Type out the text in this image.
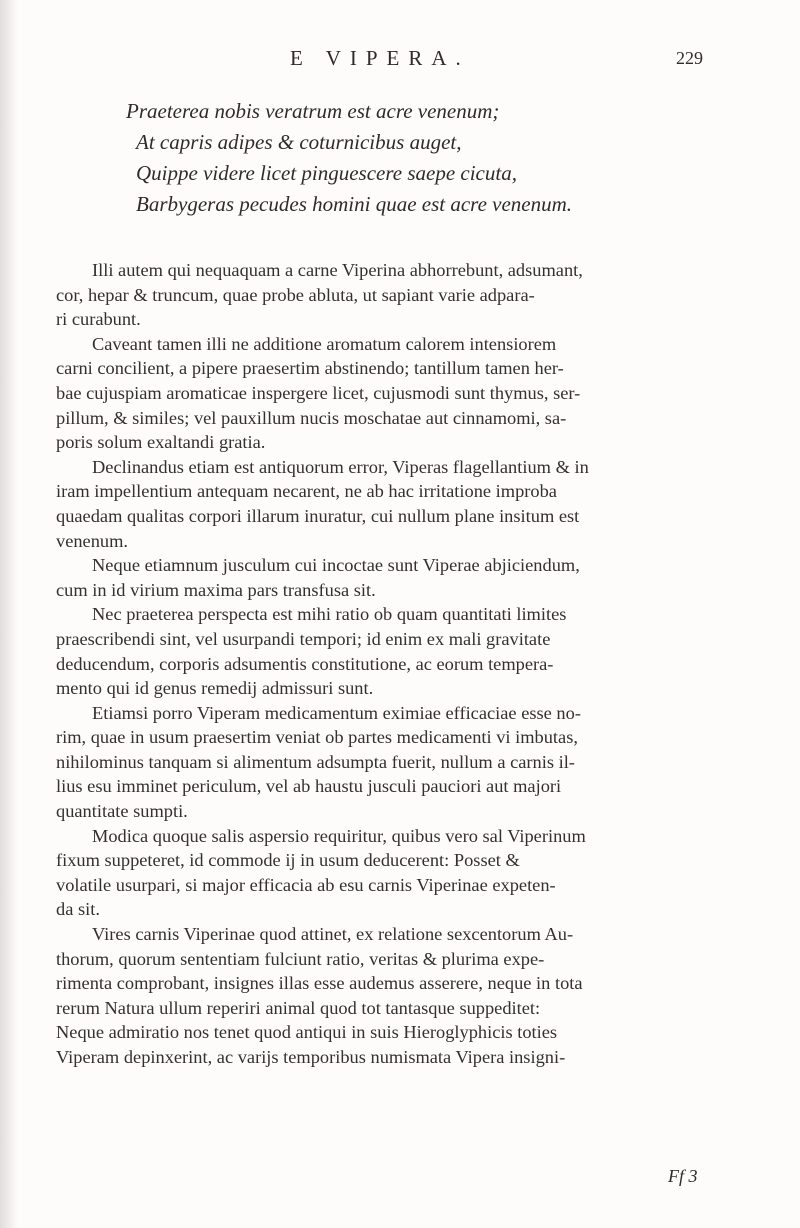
E VIPERA.	229
Praeterea nobis veratrum est acre venenum;
At capris adipes & coturnicibus auget,
Quippe videre licet pinguescere saepe cicuta,
Barbygeras pecudes homini quae est acre venenum.
Illi autem qui nequaquam a carne Viperina abhorrebunt, adsumant,
cor, hepar & truncum, quae probe abluta, ut sapiant varie adpara-
ri curabunt.
Caveant tamen illi ne additione aromatum calorem intensiorem
carni concilient, a pipere praesertim abstinendo; tantillum tamen her-
bae cujuspiam aromaticae inspergere licet, cujusmodi sunt thymus, ser-
pillum, & similes; vel pauxillum nucis moschatae aut cinnamomi, sa-
poris solum exaltandi gratia.
Declinandus etiam est antiquorum error, Viperas flagellantium & in
iram impellentium antequam necarent, ne ab hac irritatione improba
quaedam qualitas corpori illarum inuratur, cui nullum plane insitum est
venenum.
Neque etiamnum jusculum cui incoctae sunt Viperae abjiciendum,
cum in id virium maxima pars transfusa sit.
Nec praeterea perspecta est mihi ratio ob quam quantitati limites
praescribendi sint, vel usurpandi tempori; id enim ex mali gravitate
deducendum, corporis adsumentis constitutione, ac eorum tempera-
mento qui id genus remedij admissuri sunt.
Etiamsi porro Viperam medicamentum eximiae efficaciae esse no-
rim, quae in usum praesertim veniat ob partes medicamenti vi imbutas,
nihilominus tanquam si alimentum adsumpta fuerit, nullum a carnis il-
lius esu imminet periculum, vel ab haustu jusculi pauciori aut majori
quantitate sumpti.
Modica quoque salis aspersio requiritur, quibus vero sal Viperinum
fixum suppeteret, id commode ij in usum deducerent: Posset &
volatile usurpari, si major efficacia ab esu carnis Viperinae expeten-
da sit.
Vires carnis Viperinae quod attinet, ex relatione sexcentorum Au-
thorum, quorum sententiam fulciunt ratio, veritas & plurima expe-
rimenta comprobant, insignes illas esse audemus asserere, neque in tota
rerum Natura ullum reperiri animal quod tot tantasque suppeditet:
Neque admiratio nos tenet quod antiqui in suis Hieroglyphicis toties
Viperam depinxerint, ac varijs temporibus numismata Vipera insigni-
Ff 3
